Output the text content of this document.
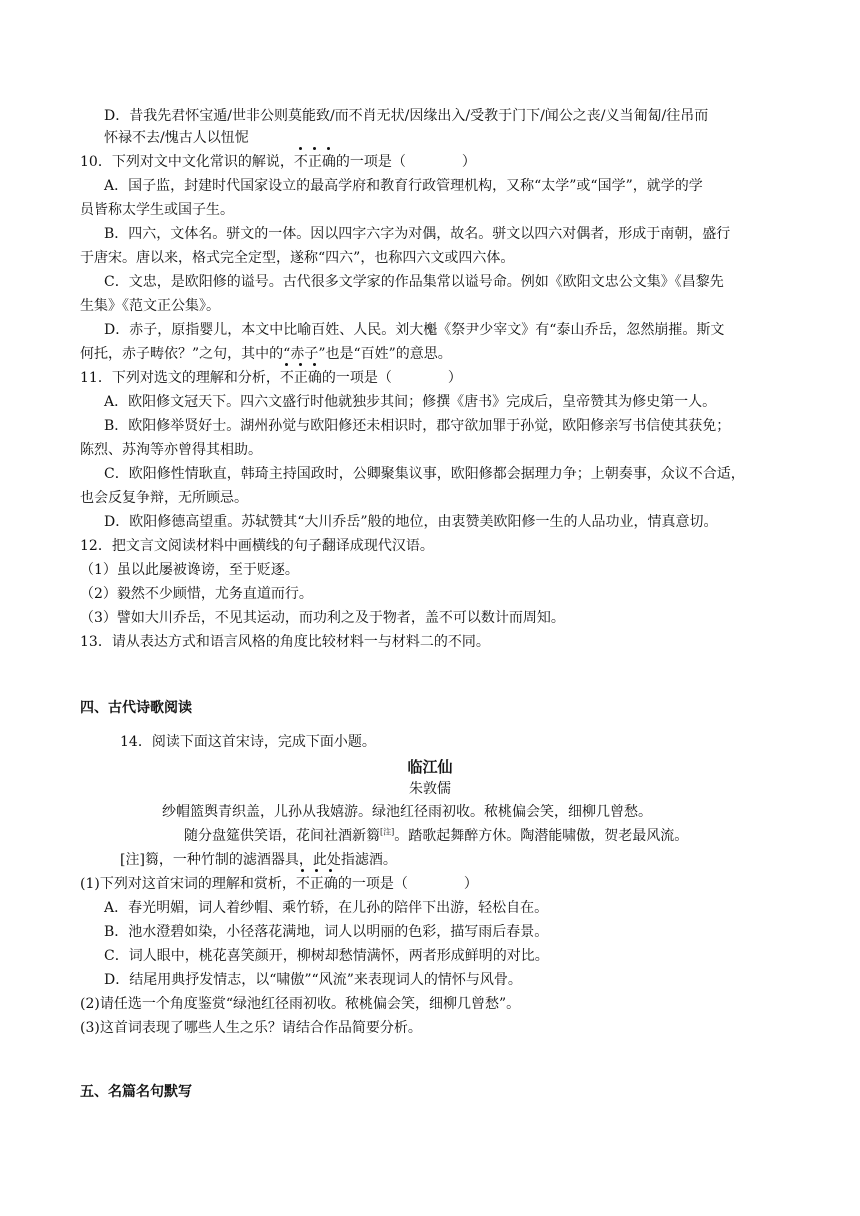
D．昔我先君怀宝遁/世非公则莫能致/而不肖无状/因缘出入/受教于门下/闻公之丧/义当匍匐/往吊而
怀禄不去/愧古人以忸怩
10．下列对文中文化常识的解说，不正确的一项是（　　　　）
A．国子监，封建时代国家设立的最高学府和教育行政管理机构，又称“太学”或“国学”，就学的学
员皆称太学生或国子生。
B．四六，文体名。骈文的一体。因以四字六字为对偶，故名。骈文以四六对偶者，形成于南朝，盛行
于唐宋。唐以来，格式完全定型，遂称“四六”，也称四六文或四六体。
C．文忠，是欧阳修的谥号。古代很多文学家的作品集常以谥号命。例如《欧阳文忠公文集》《昌黎先
生集》《范文正公集》。
D．赤子，原指婴儿，本文中比喻百姓、人民。刘大櫆《祭尹少宰文》有“泰山乔岳，忽然崩摧。斯文
何托，赤子畴依？”之句，其中的“赤子”也是“百姓”的意思。
11．下列对选文的理解和分析，不正确的一项是（　　　　）
A．欧阳修文冠天下。四六文盛行时他就独步其间；修撰《唐书》完成后，皇帝赞其为修史第一人。
B．欧阳修举贤好士。湖州孙觉与欧阳修还未相识时，郡守欲加罪于孙觉，欧阳修亲写书信使其获免；
陈烈、苏洵等亦曾得其相助。
C．欧阳修性情耿直，韩琦主持国政时，公卿聚集议事，欧阳修都会据理力争；上朝奏事，众议不合适，
也会反复争辩，无所顾忌。
D．欧阳修德高望重。苏轼赞其“大川乔岳”般的地位，由衷赞美欧阳修一生的人品功业，情真意切。
12．把文言文阅读材料中画横线的句子翻译成现代汉语。
（1）虽以此屡被谗谤，至于贬逐。
（2）毅然不少顾惜，尤务直道而行。
（3）譬如大川乔岳，不见其运动，而功利之及于物者，盖不可以数计而周知。
13．请从表达方式和语言风格的角度比较材料一与材料二的不同。
四、古代诗歌阅读
14．阅读下面这首宋诗，完成下面小题。
临江仙
朱敦儒
纱帽篮舆青织盖，儿孙从我嬉游。绿池红径雨初收。秾桃偏会笑，细柳几曾愁。
随分盘筵供笑语，花间社酒新篘[注]。踏歌起舞醉方休。陶潜能啸傲，贺老最风流。
[注]篘，一种竹制的滤酒器具，此处指滤酒。
(1)下列对这首宋词的理解和赏析，不正确的一项是（　　　　）
A．春光明媚，词人着纱帽、乘竹轿，在儿孙的陪伴下出游，轻松自在。
B．池水澄碧如染，小径落花满地，词人以明丽的色彩，描写雨后春景。
C．词人眼中，桃花喜笑颜开，柳树却愁情满怀，两者形成鲜明的对比。
D．结尾用典抒发情志，以“啸傲”“风流”来表现词人的情怀与风骨。
(2)请任选一个角度鉴赏“绿池红径雨初收。秾桃偏会笑，细柳几曾愁”。
(3)这首词表现了哪些人生之乐？请结合作品简要分析。
五、名篇名句默写
